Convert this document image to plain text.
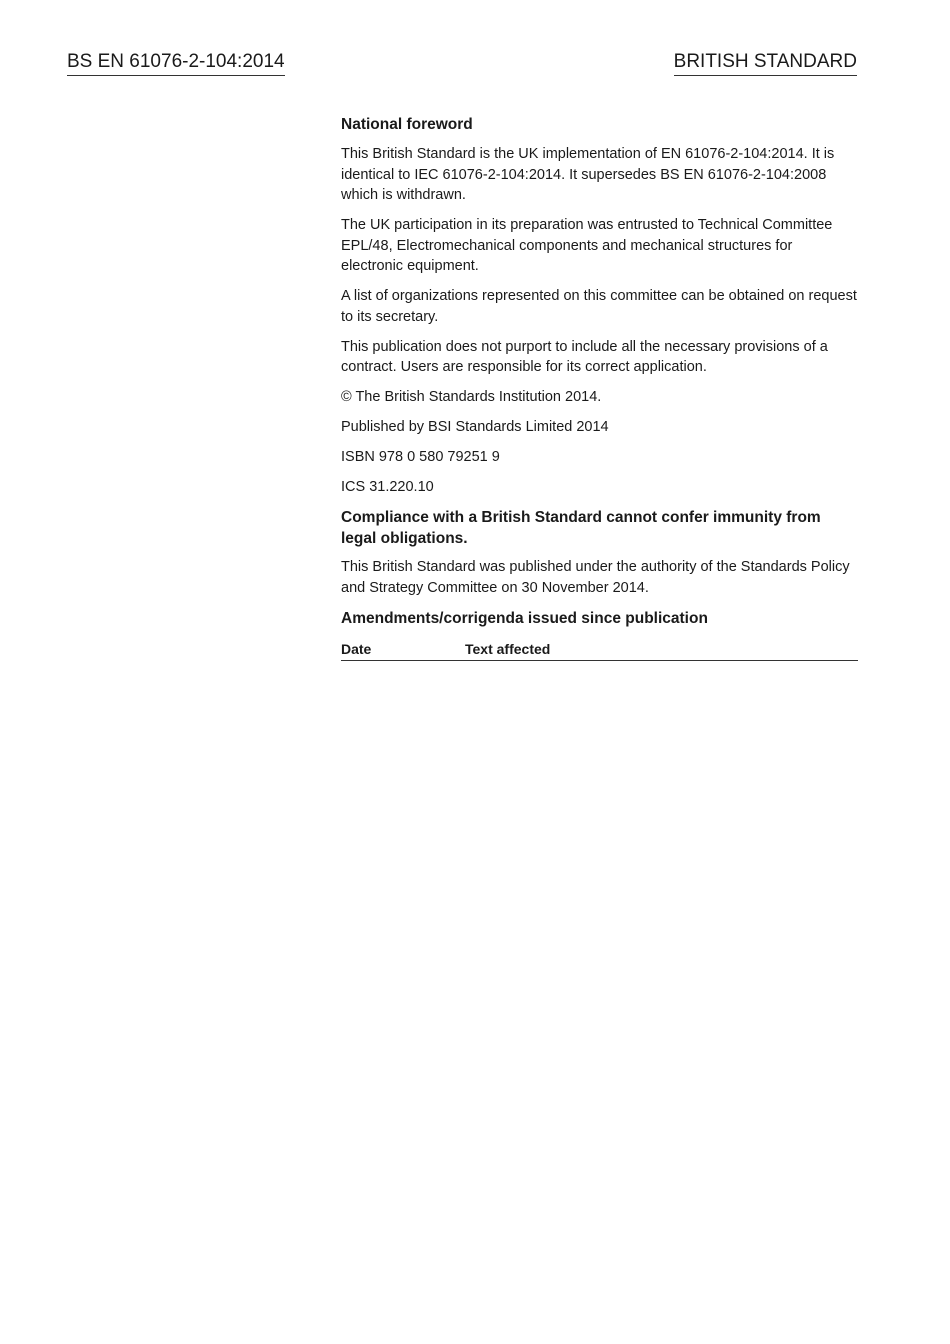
BS EN 61076-2-104:2014	BRITISH STANDARD
National foreword

This British Standard is the UK implementation of EN 61076-2-104:2014. It is identical to IEC 61076-2-104:2014. It supersedes BS EN 61076-2-104:2008 which is withdrawn.

The UK participation in its preparation was entrusted to Technical Committee EPL/48, Electromechanical components and mechanical structures for electronic equipment.

A list of organizations represented on this committee can be obtained on request to its secretary.

This publication does not purport to include all the necessary provisions of a contract. Users are responsible for its correct application.

© The British Standards Institution 2014.

Published by BSI Standards Limited 2014

ISBN 978 0 580 79251 9

ICS 31.220.10

Compliance with a British Standard cannot confer immunity from legal obligations.

This British Standard was published under the authority of the Standards Policy and Strategy Committee on 30 November 2014.

Amendments/corrigenda issued since publication
Date	Text affected
